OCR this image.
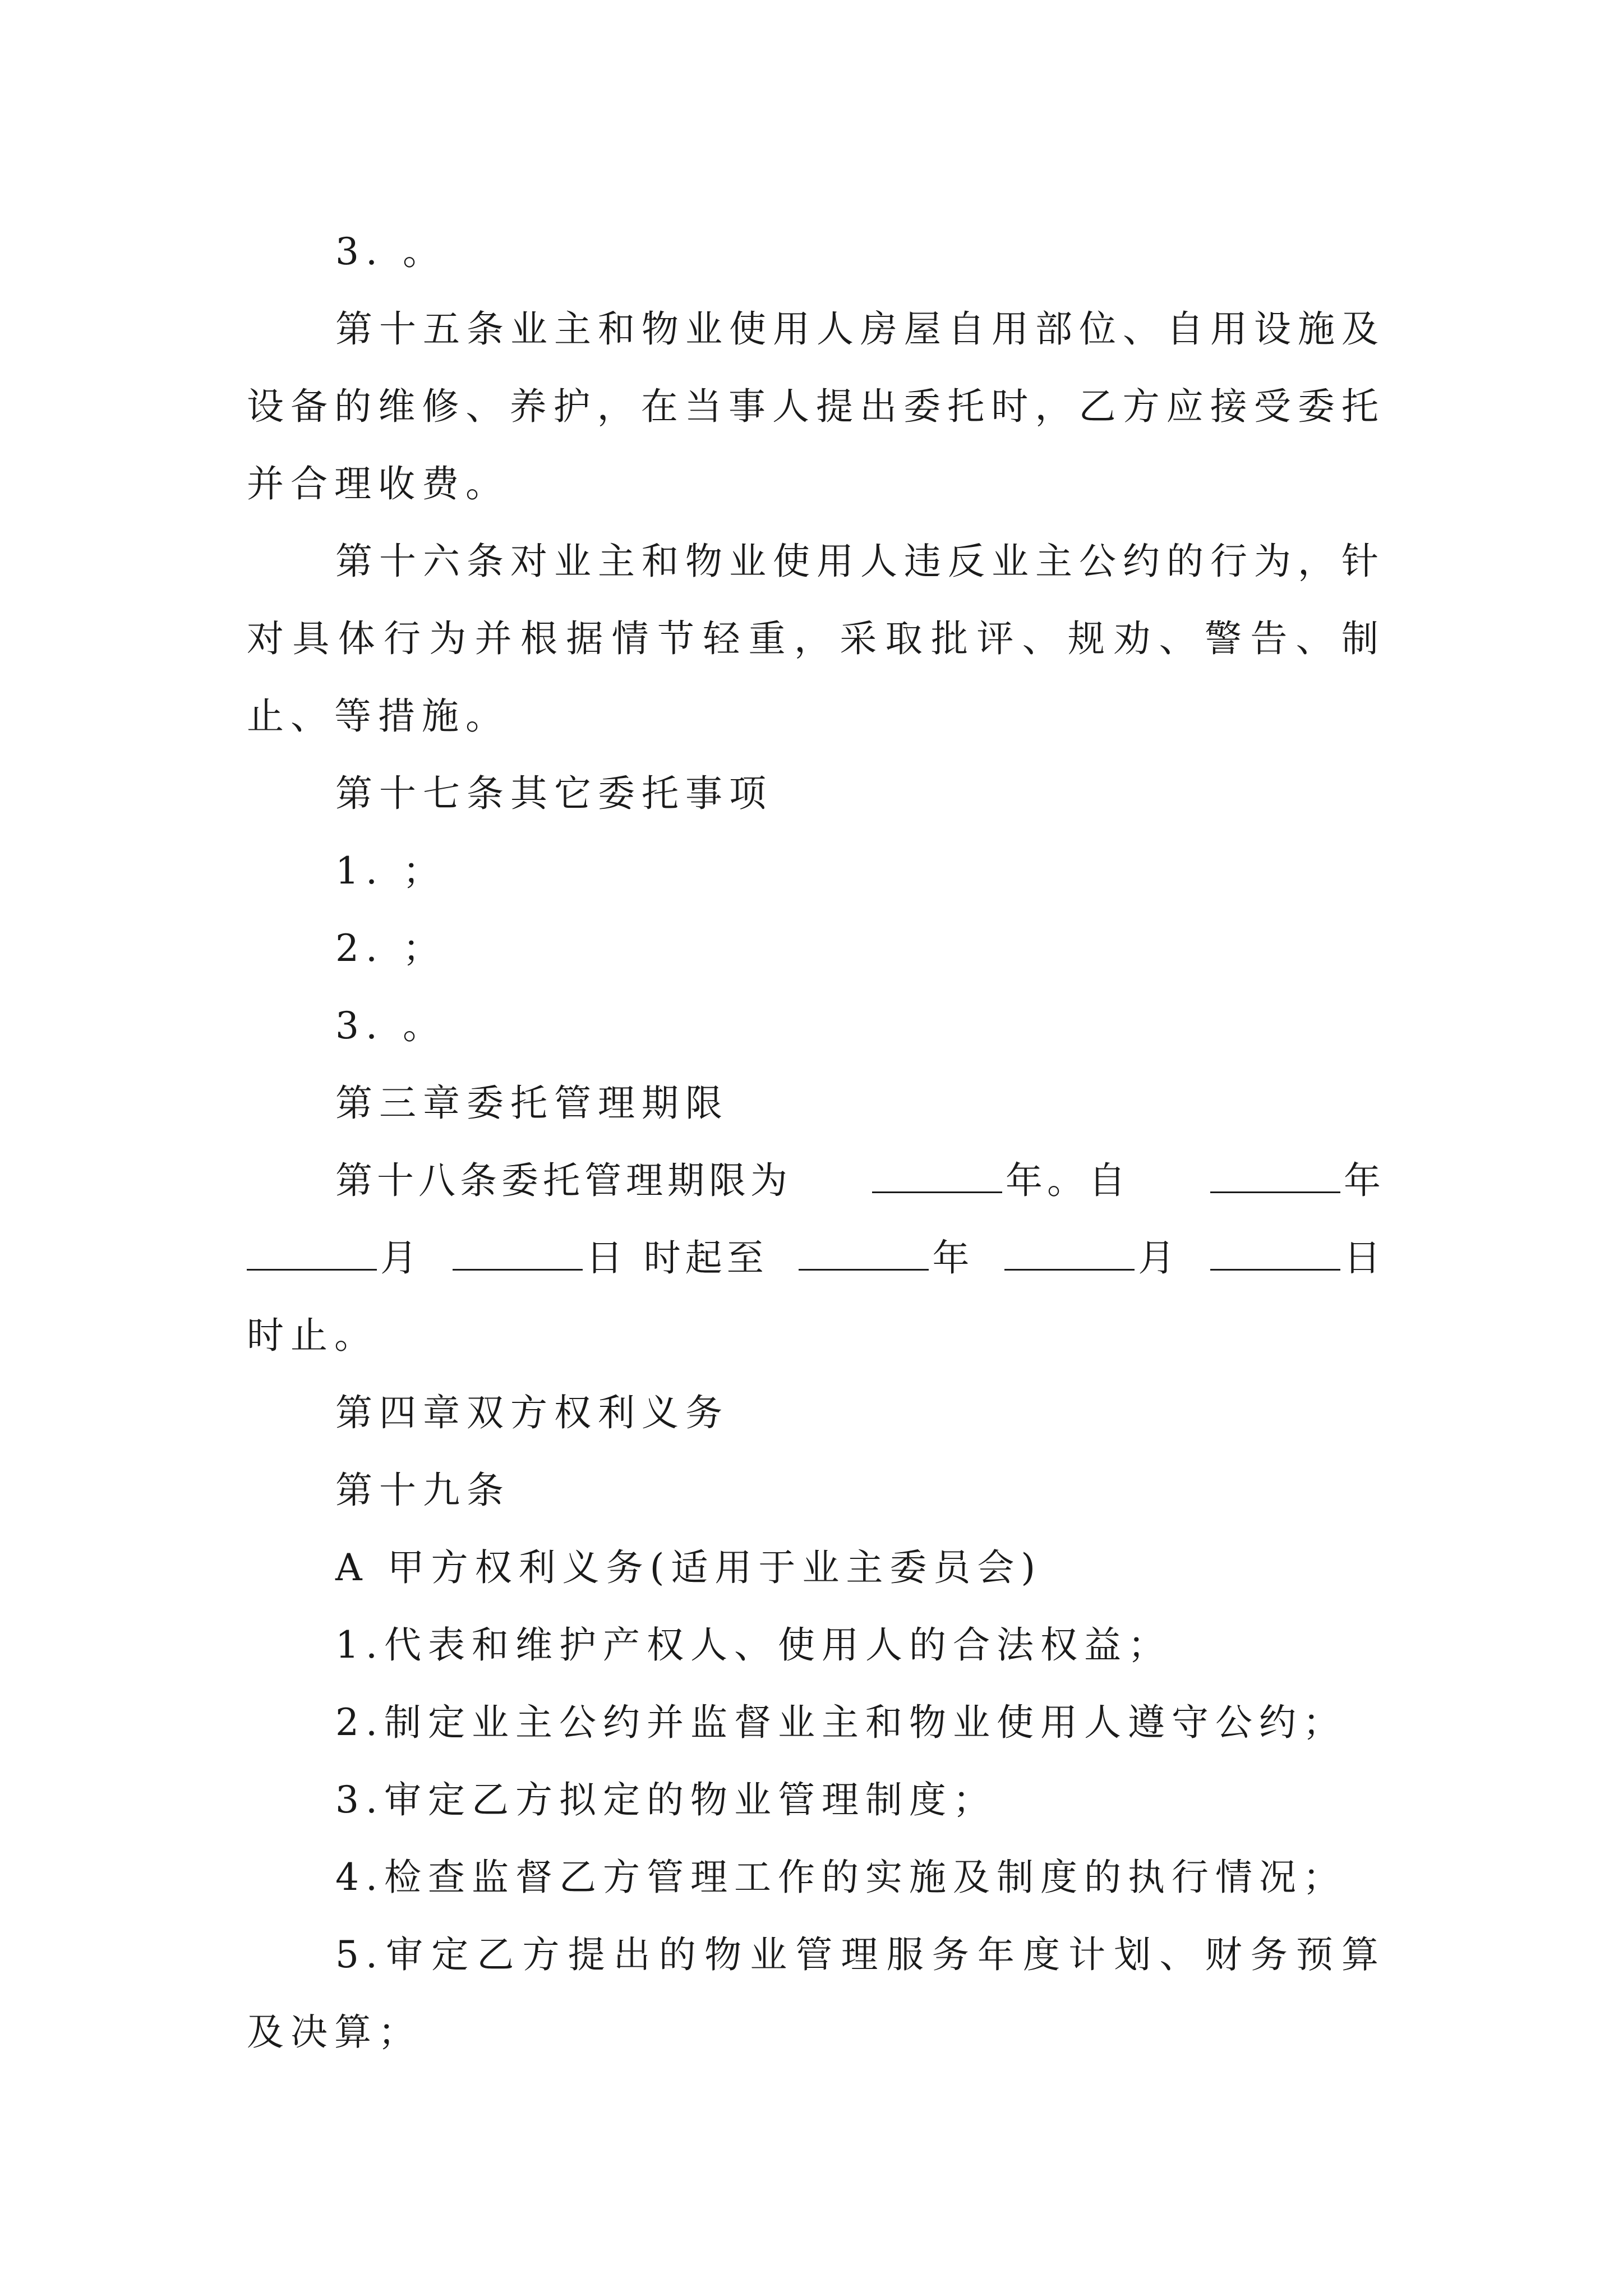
3. 。

第十五条业主和物业使用人房屋自用部位、自用设施及设备的维修、养护，在当事人提出委托时，乙方应接受委托并合理收费。

第十六条对业主和物业使用人违反业主公约的行为，针对具体行为并根据情节轻重，采取批评、规劝、警告、制止、等措施。

第十七条其它委托事项

1. ；

2. ；

3. 。

第三章委托管理期限

第十八条委托管理期限为	年。自	年
月	日 时起至	年	月	日

时止。

第四章双方权利义务

第十九条

A 甲方权利义务(适用于业主委员会)

1.代表和维护产权人、使用人的合法权益；

2.制定业主公约并监督业主和物业使用人遵守公约；

3.审定乙方拟定的物业管理制度；

4.检查监督乙方管理工作的实施及制度的执行情况；

5.审定乙方提出的物业管理服务年度计划、财务预算及决算；
